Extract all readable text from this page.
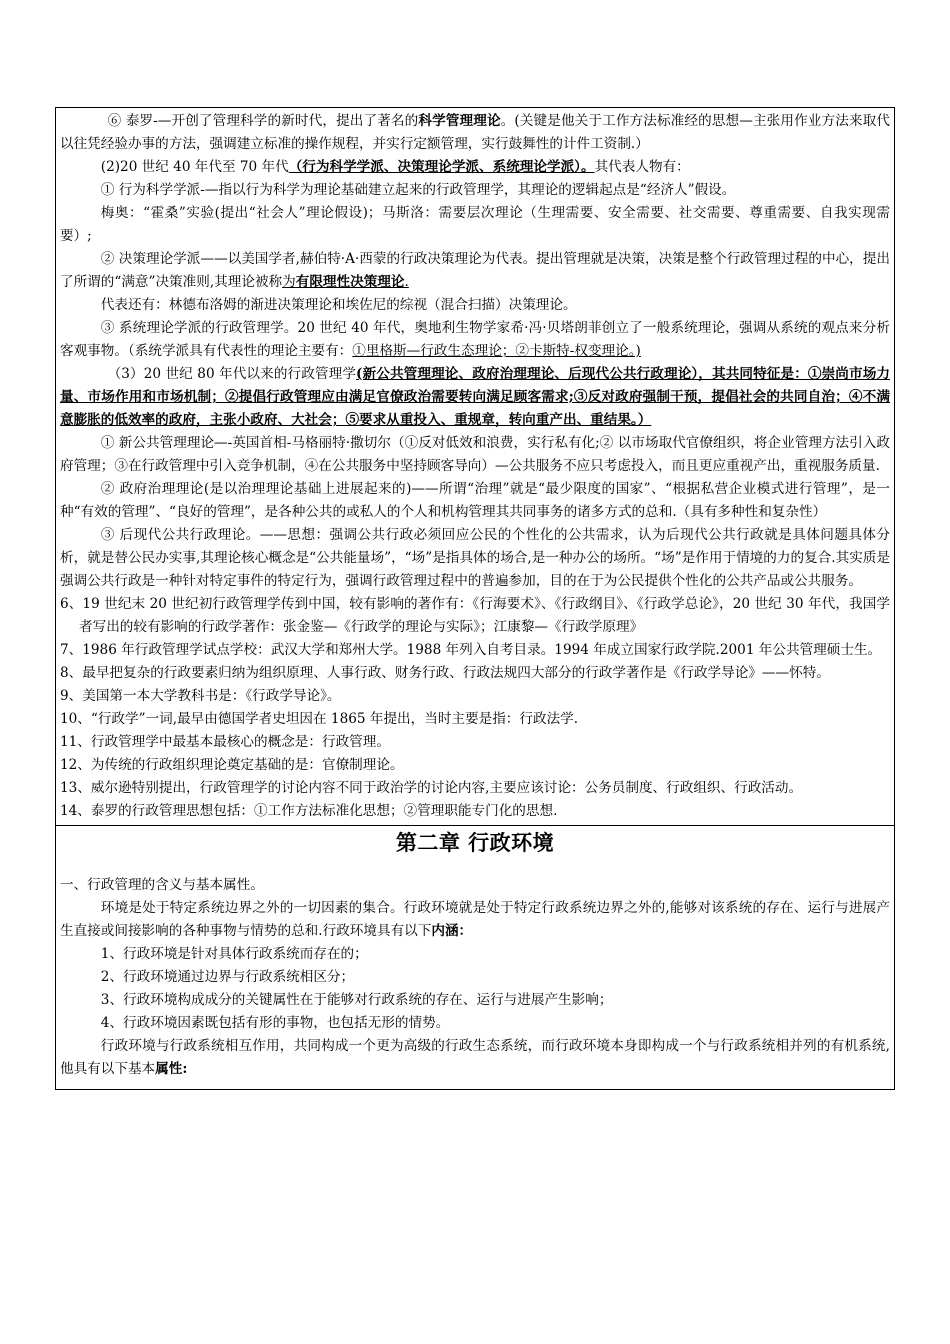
⑥ 泰罗-—开创了管理科学的新时代，提出了著名的科学管理理论。(关键是他关于工作方法标准经的思想—主张用作业方法来取代以往凭经验办事的方法，强调建立标准的操作规程，并实行定额管理，实行鼓舞性的计件工资制.）

(2)20 世纪 40 年代至 70 年代（行为科学学派、决策理论学派、系统理论学派）。其代表人物有：

① 行为科学学派-—指以行为科学为理论基础建立起来的行政管理学，其理论的逻辑起点是“经济人”假设。

梅奥：“霍桑”实验(提出“社会人”理论假设)；马斯洛：需要层次理论（生理需要、安全需要、社交需要、尊重需要、自我实现需要）;

② 决策理论学派——以美国学者,赫伯特·A·西蒙的行政决策理论为代表。提出管理就是决策，决策是整个行政管理过程的中心，提出了所谓的“满意”决策准则,其理论被称为有限理性决策理论.

代表还有：林德布洛姆的渐进决策理论和埃佐尼的综视（混合扫描）决策理论。

③ 系统理论学派的行政管理学。20 世纪 40 年代，奥地利生物学家希·冯·贝塔朗菲创立了一般系统理论，强调从系统的观点来分析客观事物。（系统学派具有代表性的理论主要有：①里格斯—行政生态理论；②卡斯特-权变理论。)

（3）20 世纪 80 年代以来的行政管理学(新公共管理理论、政府治理理论、后现代公共行政理论），其共同特征是：①崇尚市场力量、市场作用和市场机制；②提倡行政管理应由满足官僚政治需要转向满足顾客需求;③反对政府强制干预，提倡社会的共同自治；④不满意膨胀的低效率的政府，主张小政府、大社会；⑤要求从重投入、重规章，转向重产出、重结果。）

① 新公共管理理论—-英国首相-马格丽特·撒切尔（①反对低效和浪费，实行私有化;② 以市场取代官僚组织，将企业管理方法引入政府管理；③在行政管理中引入竞争机制，④在公共服务中坚持顾客导向）—公共服务不应只考虑投入，而且更应重视产出，重视服务质量.

② 政府治理理论(是以治理理论基础上进展起来的)——所谓“治理”就是“最少限度的国家”、“根据私营企业模式进行管理”，是一种“有效的管理”、“良好的管理”，是各种公共的或私人的个人和机构管理其共同事务的诸多方式的总和.（具有多种性和复杂性）

③ 后现代公共行政理论。——思想：强调公共行政必须回应公民的个性化的公共需求，认为后现代公共行政就是具体问题具体分析，就是替公民办实事,其理论核心概念是“公共能量场”，“场”是指具体的场合,是一种办公的场所。“场”是作用于情境的力的复合.其实质是强调公共行政是一种针对特定事件的特定行为，强调行政管理过程中的普遍参加，目的在于为公民提供个性化的公共产品或公共服务。

6、19 世纪末 20 世纪初行政管理学传到中国，较有影响的著作有：《行海要术》、《行政纲目》、《行政学总论》，20 世纪 30 年代，我国学者写出的较有影响的行政学著作：张金鉴—《行政学的理论与实际》；江康黎—《行政学原理》

7、1986 年行政管理学试点学校：武汉大学和郑州大学。1988 年列入自考目录。1994 年成立国家行政学院.2001 年公共管理硕士生。

8、最早把复杂的行政要素归纳为组织原理、人事行政、财务行政、行政法规四大部分的行政学著作是《行政学导论》——怀特。

9、美国第一本大学教科书是：《行政学导论》。

10、“行政学”一词,最早由德国学者史坦因在 1865 年提出，当时主要是指：行政法学.

11、行政管理学中最基本最核心的概念是：行政管理。

12、为传统的行政组织理论奠定基础的是：官僚制理论。

13、威尔逊特别提出，行政管理学的讨论内容不同于政治学的讨论内容,主要应该讨论：公务员制度、行政组织、行政活动。

14、泰罗的行政管理思想包括：①工作方法标准化思想；②管理职能专门化的思想.

第二章 行政环境

一、行政管理的含义与基本属性。

环境是处于特定系统边界之外的一切因素的集合。行政环境就是处于特定行政系统边界之外的,能够对该系统的存在、运行与进展产生直接或间接影响的各种事物与情势的总和.行政环境具有以下内涵：

1、行政环境是针对具体行政系统而存在的；

2、行政环境通过边界与行政系统相区分；

3、行政环境构成成分的关键属性在于能够对行政系统的存在、运行与进展产生影响；

4、行政环境因素既包括有形的事物，也包括无形的情势。

行政环境与行政系统相互作用，共同构成一个更为高级的行政生态系统，而行政环境本身即构成一个与行政系统相并列的有机系统,他具有以下基本属性:
